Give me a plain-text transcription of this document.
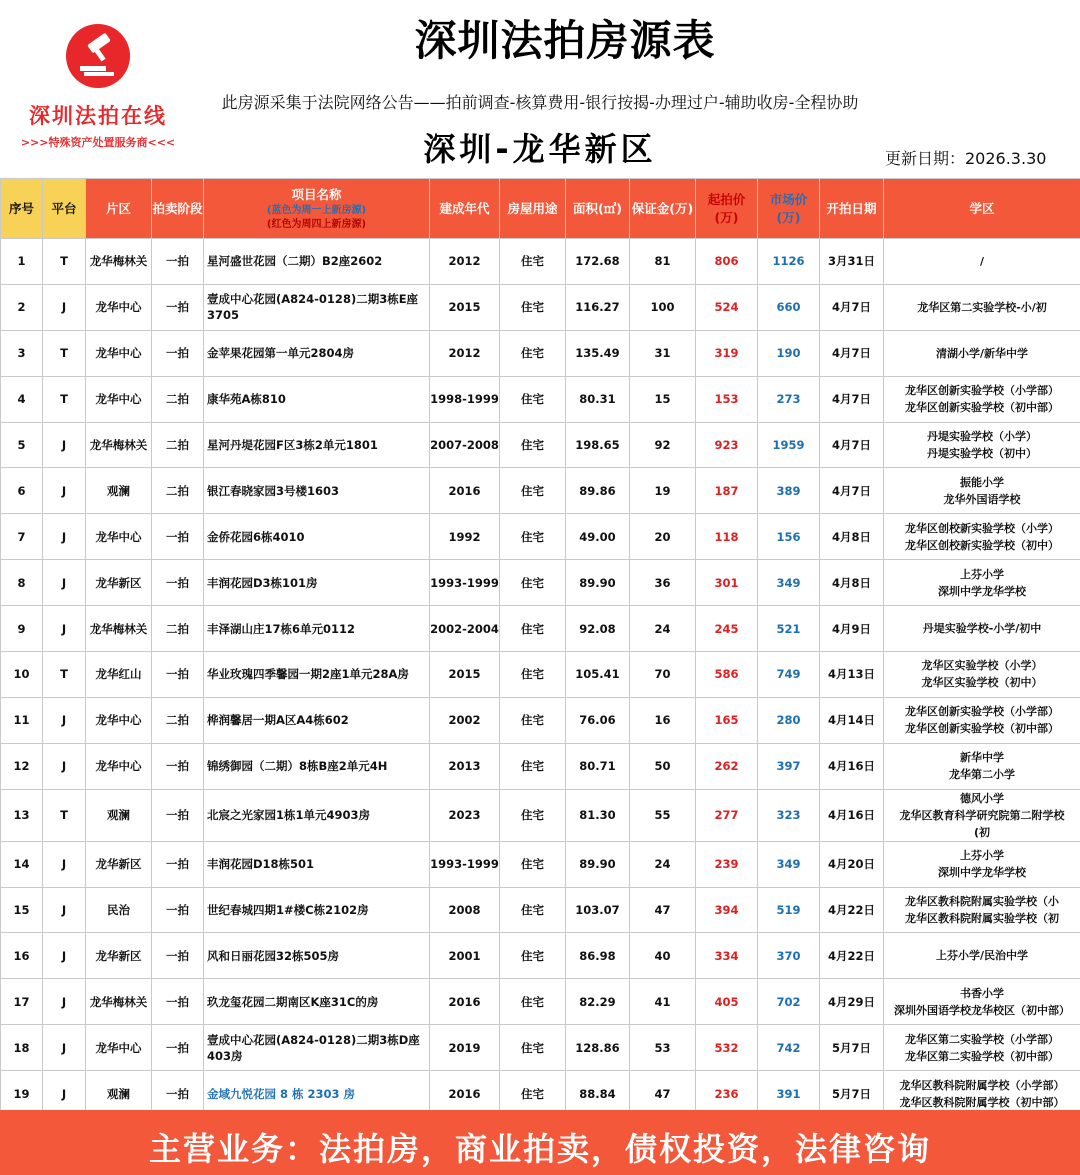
深圳法拍在线
>>>特殊资产处置服务商<<<
深圳法拍房源表
此房源采集于法院网络公告——拍前调查-核算费用-银行按揭-办理过户-辅助收房-全程协助
深圳-龙华新区	更新日期：2026.3.30
序号	平台	片区	拍卖阶段	项目名称
(蓝色为周一上新房源)
(红色为周四上新房源)	建成年代	房屋用途	面积(㎡)	保证金(万)	起拍价(万)	市场价(万)	开拍日期	学区
1	T	龙华梅林关	一拍	星河盛世花园（二期）B2座2602	2012	住宅	172.68	81	806	1126	3月31日	/
2	J	龙华中心	一拍	壹成中心花园(A824-0128)二期3栋E座3705	2015	住宅	116.27	100	524	660	4月7日	龙华区第二实验学校-小/初
3	T	龙华中心	一拍	金苹果花园第一单元2804房	2012	住宅	135.49	31	319	190	4月7日	清湖小学/新华中学
4	T	龙华中心	二拍	康华苑A栋810	1998-1999	住宅	80.31	15	153	273	4月7日	龙华区创新实验学校（小学部）
龙华区创新实验学校（初中部）
5	J	龙华梅林关	二拍	星河丹堤花园F区3栋2单元1801	2007-2008	住宅	198.65	92	923	1959	4月7日	丹堤实验学校（小学）
丹堤实验学校（初中）
6	J	观澜	二拍	银江春晓家园3号楼1603	2016	住宅	89.86	19	187	389	4月7日	振能小学
龙华外国语学校
7	J	龙华中心	一拍	金侨花园6栋4010	1992	住宅	49.00	20	118	156	4月8日	龙华区创校新实验学校（小学）
龙华区创校新实验学校（初中）
8	J	龙华新区	一拍	丰润花园D3栋101房	1993-1999	住宅	89.90	36	301	349	4月8日	上芬小学
深圳中学龙华学校
9	J	龙华梅林关	二拍	丰泽湖山庄17栋6单元0112	2002-2004	住宅	92.08	24	245	521	4月9日	丹堤实验学校-小学/初中
10	T	龙华红山	一拍	华业玫瑰四季馨园一期2座1单元28A房	2015	住宅	105.41	70	586	749	4月13日	龙华区实验学校（小学）
龙华区实验学校（初中）
11	J	龙华中心	二拍	桦润馨居一期A区A4栋602	2002	住宅	76.06	16	165	280	4月14日	龙华区创新实验学校（小学部）
龙华区创新实验学校（初中部）
12	J	龙华中心	一拍	锦绣御园（二期）8栋B座2单元4H	2013	住宅	80.71	50	262	397	4月16日	新华中学
龙华第二小学
13	T	观澜	一拍	北宸之光家园1栋1单元4903房	2023	住宅	81.30	55	277	323	4月16日	德风小学
龙华区教育科学研究院第二附学校
(初
14	J	龙华新区	一拍	丰润花园D18栋501	1993-1999	住宅	89.90	24	239	349	4月20日	上芬小学
深圳中学龙华学校
15	J	民治	一拍	世纪春城四期1#楼C栋2102房	2008	住宅	103.07	47	394	519	4月22日	龙华区教科院附属实验学校（小
龙华区教科院附属实验学校（初
16	J	龙华新区	一拍	风和日丽花园32栋505房	2001	住宅	86.98	40	334	370	4月22日	上芬小学/民治中学
17	J	龙华梅林关	一拍	玖龙玺花园二期南区K座31C的房	2016	住宅	82.29	41	405	702	4月29日	书香小学
深圳外国语学校龙华校区（初中部）
18	J	龙华中心	一拍	壹成中心花园(A824-0128)二期3栋D座403房	2019	住宅	128.86	53	532	742	5月7日	龙华区第二实验学校（小学部）
龙华区第二实验学校（初中部）
19	J	观澜	一拍	金域九悦花园 8 栋 2303 房	2016	住宅	88.84	47	236	391	5月7日	龙华区教科院附属学校（小学部）
龙华区教科院附属学校（初中部）
主营业务：法拍房，商业拍卖，债权投资，法律咨询
